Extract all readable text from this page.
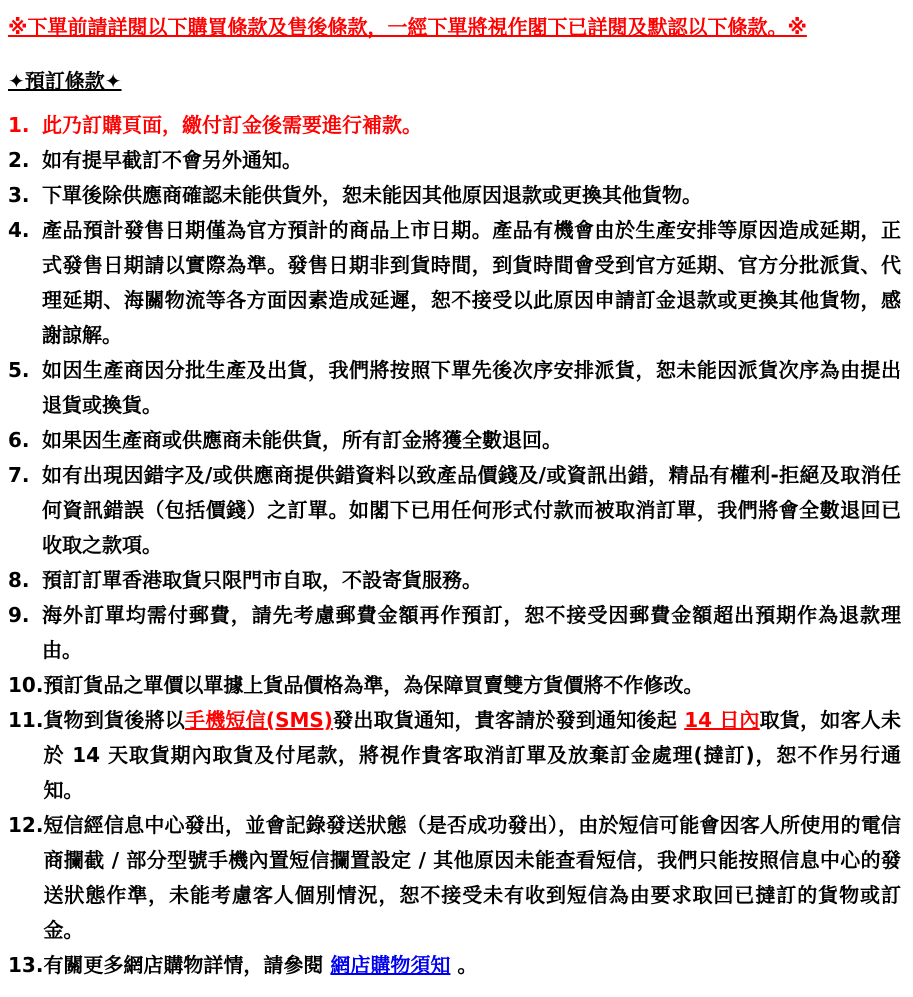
※下單前請詳閱以下購買條款及售後條款，一經下單將視作閣下已詳閱及默認以下條款。※
✦預訂條款✦
1. 此乃訂購頁面，繳付訂金後需要進行補款。
2. 如有提早截訂不會另外通知。
3. 下單後除供應商確認未能供貨外，恕未能因其他原因退款或更換其他貨物。
4. 產品預計發售日期僅為官方預計的商品上市日期。產品有機會由於生產安排等原因造成延期，正式發售日期請以實際為準。發售日期非到貨時間，到貨時間會受到官方延期、官方分批派貨、代理延期、海關物流等各方面因素造成延遲，恕不接受以此原因申請訂金退款或更換其他貨物，感謝諒解。
5. 如因生產商因分批生產及出貨，我們將按照下單先後次序安排派貨，恕未能因派貨次序為由提出退貨或換貨。
6. 如果因生產商或供應商未能供貨，所有訂金將獲全數退回。
7. 如有出現因錯字及/或供應商提供錯資料以致產品價錢及/或資訊出錯，精品有權利-拒絕及取消任何資訊錯誤（包括價錢）之訂單。如閣下已用任何形式付款而被取消訂單，我們將會全數退回已收取之款項。
8. 預訂訂單香港取貨只限門市自取，不設寄貨服務。
9. 海外訂單均需付郵費，請先考慮郵費金額再作預訂，恕不接受因郵費金額超出預期作為退款理由。
10. 預訂貨品之單價以單據上貨品價格為準，為保障買賣雙方貨價將不作修改。
11. 貨物到貨後將以手機短信(SMS)發出取貨通知，貴客請於發到通知後起 14 日內取貨，如客人未於 14 天取貨期內取貨及付尾款，將視作貴客取消訂單及放棄訂金處理(撻訂)，恕不作另行通知。
12. 短信經信息中心發出，並會記錄發送狀態（是否成功發出），由於短信可能會因客人所使用的電信商攔截 / 部分型號手機內置短信攔置設定 / 其他原因未能查看短信，我們只能按照信息中心的發送狀態作準，未能考慮客人個別情況，恕不接受未有收到短信為由要求取回已撻訂的貨物或訂金。
13. 有關更多網店購物詳情，請參閱 網店購物須知 。
